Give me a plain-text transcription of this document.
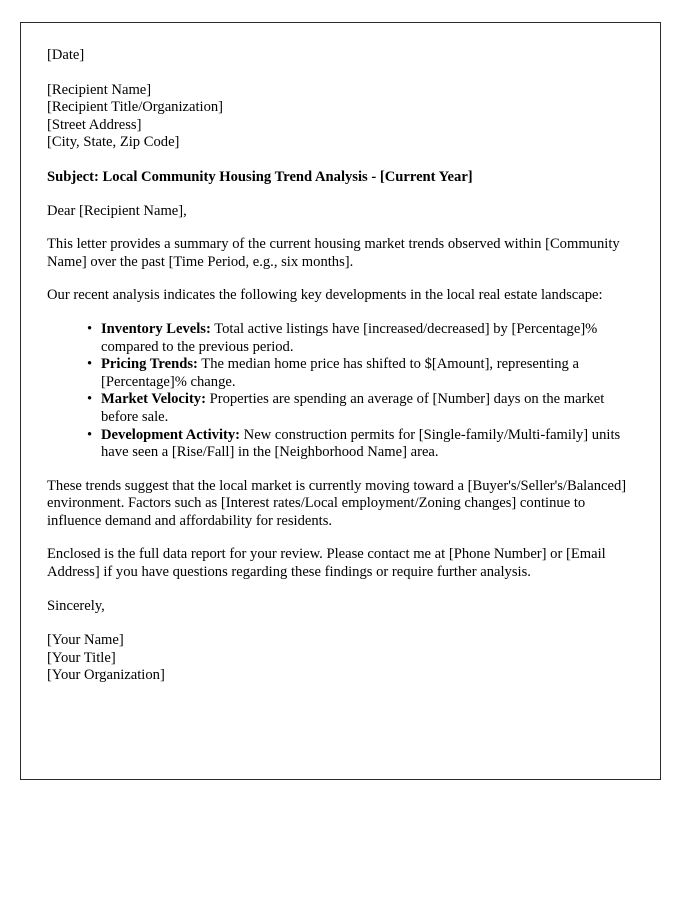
[Date]

[Recipient Name]
[Recipient Title/Organization]
[Street Address]
[City, State, Zip Code]

Subject: Local Community Housing Trend Analysis - [Current Year]

Dear [Recipient Name],

This letter provides a summary of the current housing market trends observed within [Community Name] over the past [Time Period, e.g., six months].

Our recent analysis indicates the following key developments in the local real estate landscape:

• Inventory Levels: Total active listings have [increased/decreased] by [Percentage]% compared to the previous period.
• Pricing Trends: The median home price has shifted to $[Amount], representing a [Percentage]% change.
• Market Velocity: Properties are spending an average of [Number] days on the market before sale.
• Development Activity: New construction permits for [Single-family/Multi-family] units have seen a [Rise/Fall] in the [Neighborhood Name] area.

These trends suggest that the local market is currently moving toward a [Buyer's/Seller's/Balanced] environment. Factors such as [Interest rates/Local employment/Zoning changes] continue to influence demand and affordability for residents.

Enclosed is the full data report for your review. Please contact me at [Phone Number] or [Email Address] if you have questions regarding these findings or require further analysis.

Sincerely,

[Your Name]
[Your Title]
[Your Organization]
